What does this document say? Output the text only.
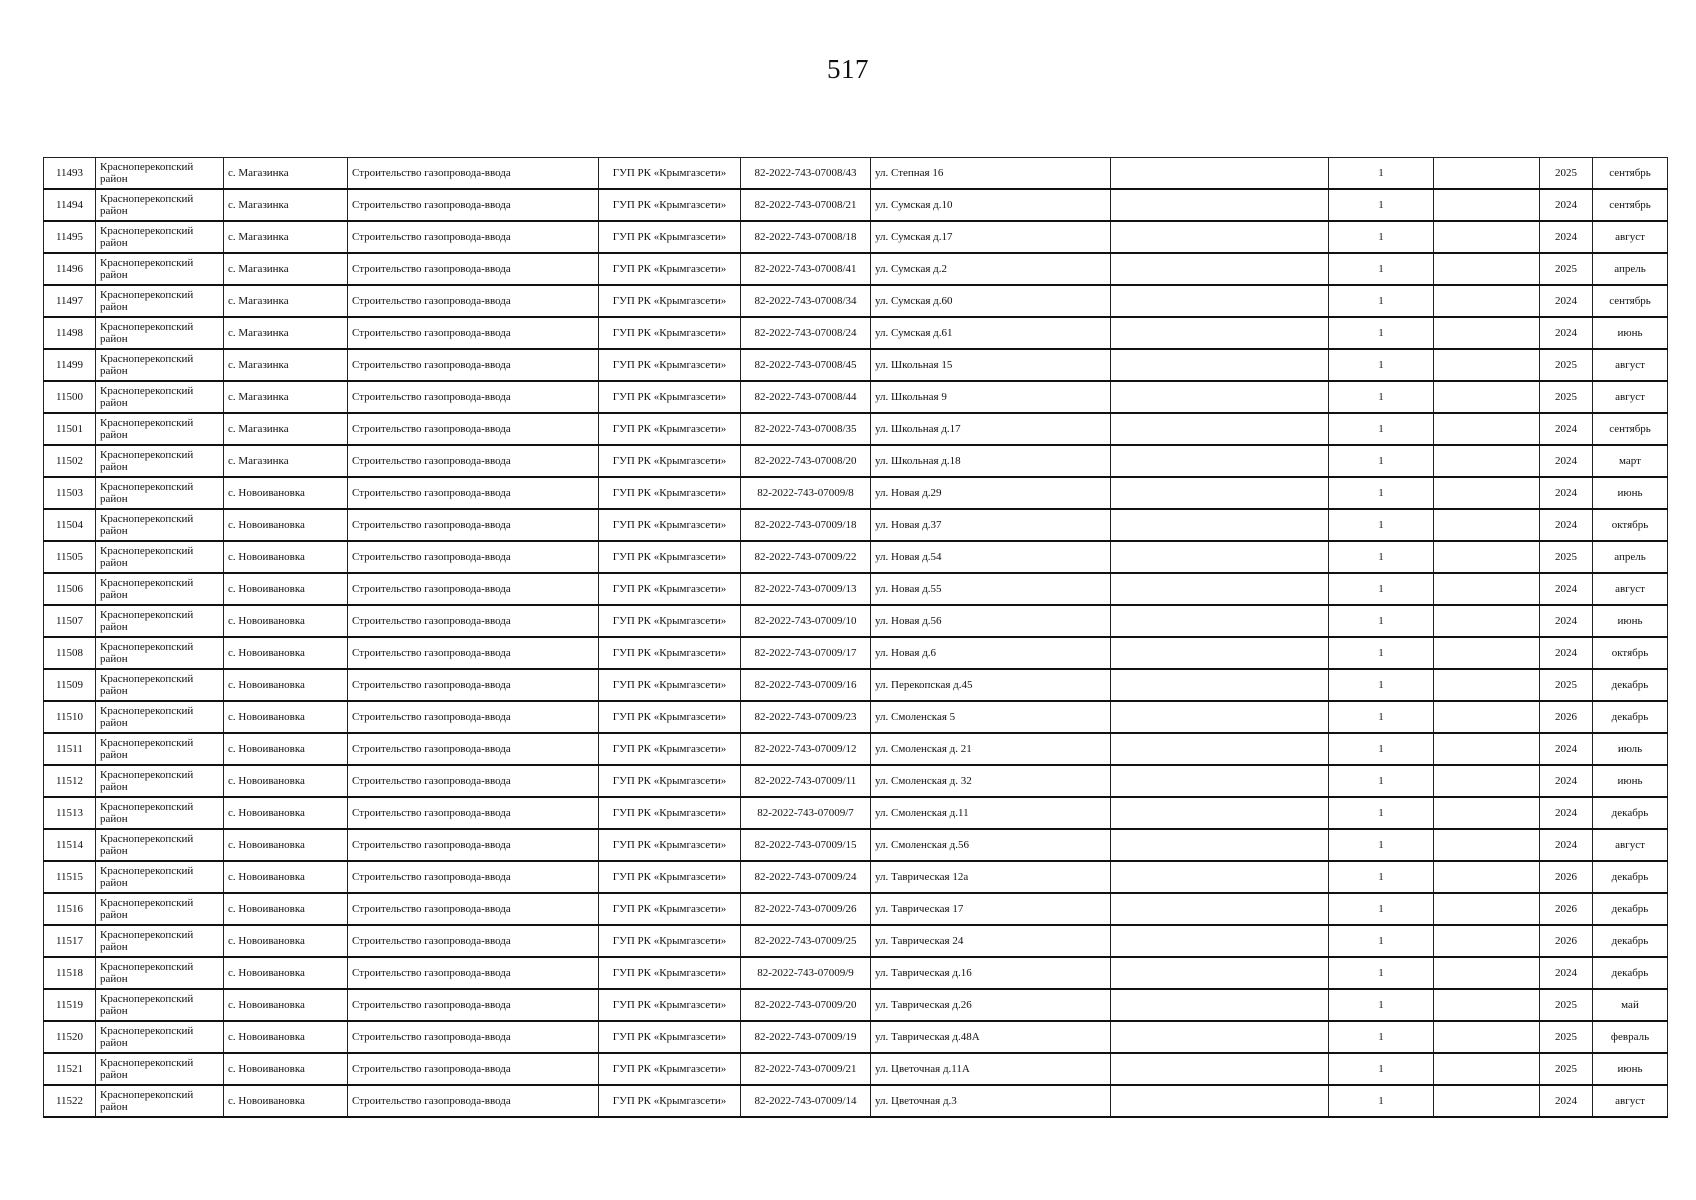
517
11493	Красноперекопский район	с. Магазинка	Строительство газопровода-ввода	ГУП РК «Крымгазсети»	82-2022-743-07008/43	ул. Степная 16		1		2025	сентябрь
11494	Красноперекопский район	с. Магазинка	Строительство газопровода-ввода	ГУП РК «Крымгазсети»	82-2022-743-07008/21	ул. Сумская д.10		1		2024	сентябрь
11495	Красноперекопский район	с. Магазинка	Строительство газопровода-ввода	ГУП РК «Крымгазсети»	82-2022-743-07008/18	ул. Сумская д.17		1		2024	август
11496	Красноперекопский район	с. Магазинка	Строительство газопровода-ввода	ГУП РК «Крымгазсети»	82-2022-743-07008/41	ул. Сумская д.2		1		2025	апрель
11497	Красноперекопский район	с. Магазинка	Строительство газопровода-ввода	ГУП РК «Крымгазсети»	82-2022-743-07008/34	ул. Сумская д.60		1		2024	сентябрь
11498	Красноперекопский район	с. Магазинка	Строительство газопровода-ввода	ГУП РК «Крымгазсети»	82-2022-743-07008/24	ул. Сумская д.61		1		2024	июнь
11499	Красноперекопский район	с. Магазинка	Строительство газопровода-ввода	ГУП РК «Крымгазсети»	82-2022-743-07008/45	ул. Школьная 15		1		2025	август
11500	Красноперекопский район	с. Магазинка	Строительство газопровода-ввода	ГУП РК «Крымгазсети»	82-2022-743-07008/44	ул. Школьная 9		1		2025	август
11501	Красноперекопский район	с. Магазинка	Строительство газопровода-ввода	ГУП РК «Крымгазсети»	82-2022-743-07008/35	ул. Школьная д.17		1		2024	сентябрь
11502	Красноперекопский район	с. Магазинка	Строительство газопровода-ввода	ГУП РК «Крымгазсети»	82-2022-743-07008/20	ул. Школьная д.18		1		2024	март
11503	Красноперекопский район	с. Новоивановка	Строительство газопровода-ввода	ГУП РК «Крымгазсети»	82-2022-743-07009/8	ул. Новая д.29		1		2024	июнь
11504	Красноперекопский район	с. Новоивановка	Строительство газопровода-ввода	ГУП РК «Крымгазсети»	82-2022-743-07009/18	ул. Новая д.37		1		2024	октябрь
11505	Красноперекопский район	с. Новоивановка	Строительство газопровода-ввода	ГУП РК «Крымгазсети»	82-2022-743-07009/22	ул. Новая д.54		1		2025	апрель
11506	Красноперекопский район	с. Новоивановка	Строительство газопровода-ввода	ГУП РК «Крымгазсети»	82-2022-743-07009/13	ул. Новая д.55		1		2024	август
11507	Красноперекопский район	с. Новоивановка	Строительство газопровода-ввода	ГУП РК «Крымгазсети»	82-2022-743-07009/10	ул. Новая д.56		1		2024	июнь
11508	Красноперекопский район	с. Новоивановка	Строительство газопровода-ввода	ГУП РК «Крымгазсети»	82-2022-743-07009/17	ул. Новая д.6		1		2024	октябрь
11509	Красноперекопский район	с. Новоивановка	Строительство газопровода-ввода	ГУП РК «Крымгазсети»	82-2022-743-07009/16	ул. Перекопская д.45		1		2025	декабрь
11510	Красноперекопский район	с. Новоивановка	Строительство газопровода-ввода	ГУП РК «Крымгазсети»	82-2022-743-07009/23	ул. Смоленская 5		1		2026	декабрь
11511	Красноперекопский район	с. Новоивановка	Строительство газопровода-ввода	ГУП РК «Крымгазсети»	82-2022-743-07009/12	ул. Смоленская д. 21		1		2024	июль
11512	Красноперекопский район	с. Новоивановка	Строительство газопровода-ввода	ГУП РК «Крымгазсети»	82-2022-743-07009/11	ул. Смоленская д. 32		1		2024	июнь
11513	Красноперекопский район	с. Новоивановка	Строительство газопровода-ввода	ГУП РК «Крымгазсети»	82-2022-743-07009/7	ул. Смоленская д.11		1		2024	декабрь
11514	Красноперекопский район	с. Новоивановка	Строительство газопровода-ввода	ГУП РК «Крымгазсети»	82-2022-743-07009/15	ул. Смоленская д.56		1		2024	август
11515	Красноперекопский район	с. Новоивановка	Строительство газопровода-ввода	ГУП РК «Крымгазсети»	82-2022-743-07009/24	ул. Таврическая 12а		1		2026	декабрь
11516	Красноперекопский район	с. Новоивановка	Строительство газопровода-ввода	ГУП РК «Крымгазсети»	82-2022-743-07009/26	ул. Таврическая 17		1		2026	декабрь
11517	Красноперекопский район	с. Новоивановка	Строительство газопровода-ввода	ГУП РК «Крымгазсети»	82-2022-743-07009/25	ул. Таврическая 24		1		2026	декабрь
11518	Красноперекопский район	с. Новоивановка	Строительство газопровода-ввода	ГУП РК «Крымгазсети»	82-2022-743-07009/9	ул. Таврическая д.16		1		2024	декабрь
11519	Красноперекопский район	с. Новоивановка	Строительство газопровода-ввода	ГУП РК «Крымгазсети»	82-2022-743-07009/20	ул. Таврическая д.26		1		2025	май
11520	Красноперекопский район	с. Новоивановка	Строительство газопровода-ввода	ГУП РК «Крымгазсети»	82-2022-743-07009/19	ул. Таврическая д.48А		1		2025	февраль
11521	Красноперекопский район	с. Новоивановка	Строительство газопровода-ввода	ГУП РК «Крымгазсети»	82-2022-743-07009/21	ул. Цветочная д.11А		1		2025	июнь
11522	Красноперекопский район	с. Новоивановка	Строительство газопровода-ввода	ГУП РК «Крымгазсети»	82-2022-743-07009/14	ул. Цветочная д.3		1		2024	август
